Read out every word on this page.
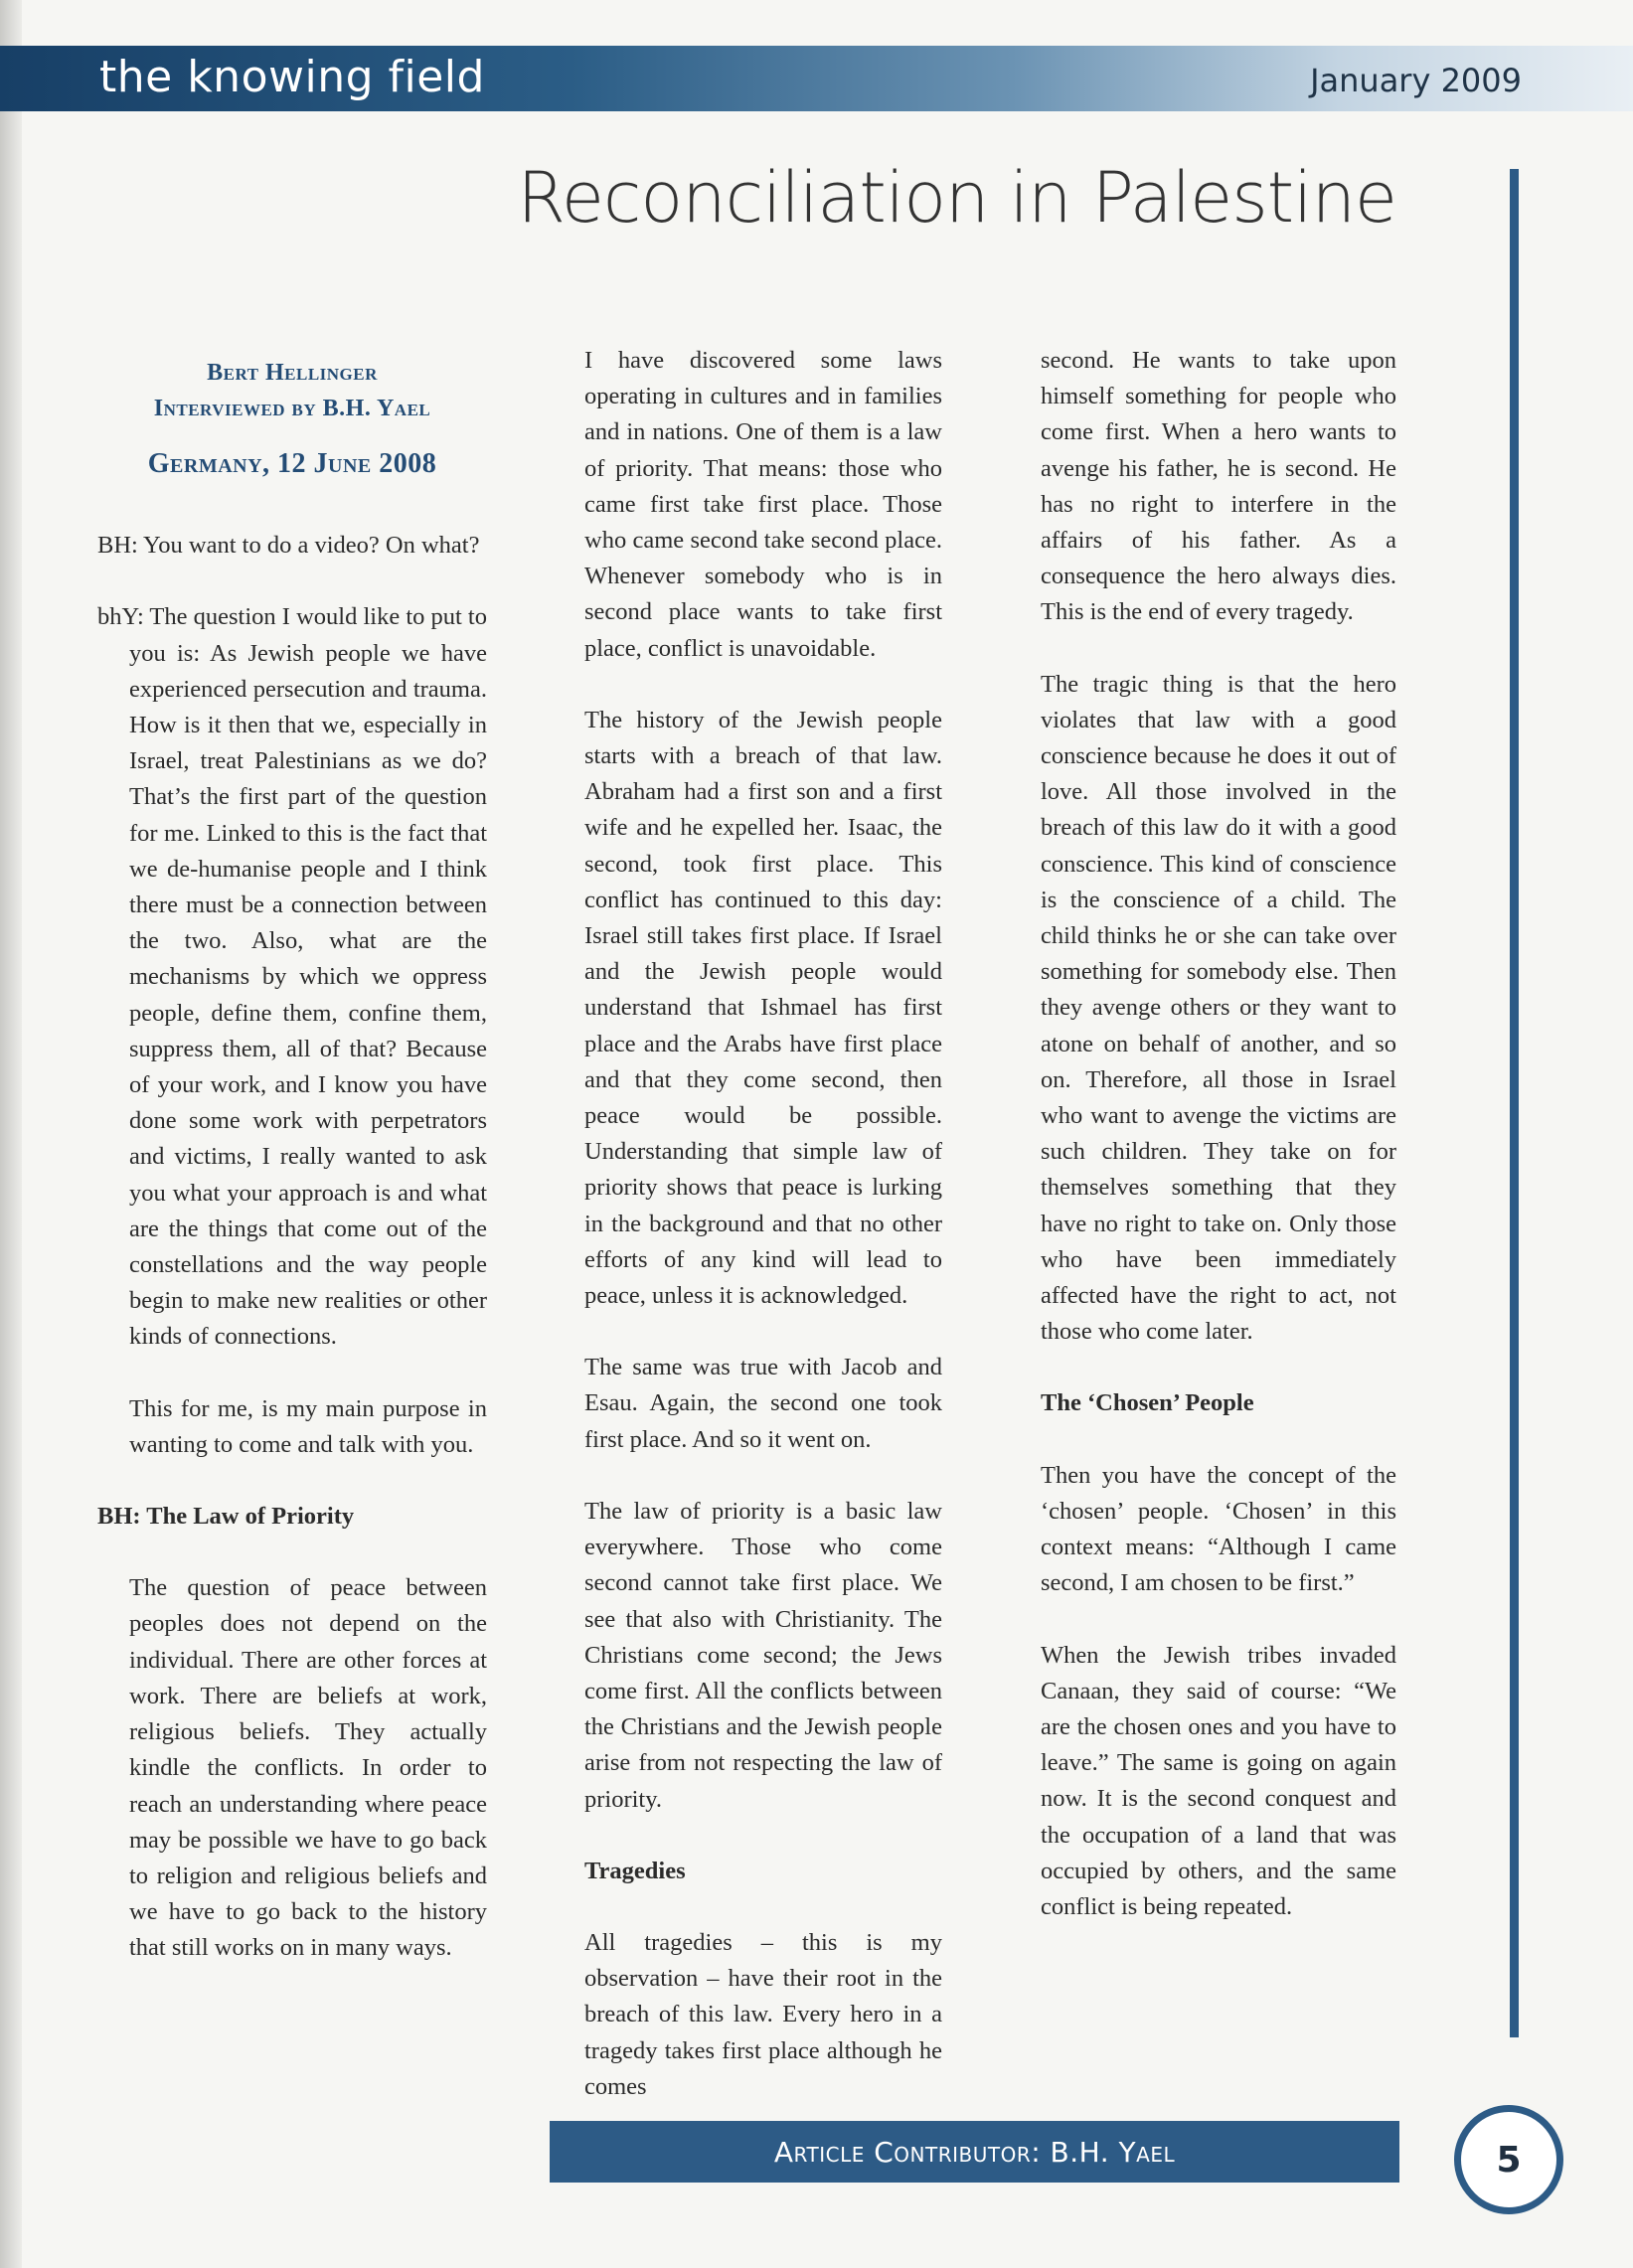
the knowing field	January 2009
Reconciliation in Palestine
Bert Hellinger
Interviewed by B.H. Yael
Germany, 12 June 2008

BH: You want to do a video? On what?

bhY: The question I would like to put to you is: As Jewish people we have experienced persecution and trauma. How is it then that we, especially in Israel, treat Palestinians as we do? That’s the first part of the question for me. Linked to this is the fact that we de-humanise people and I think there must be a connection between the two. Also, what are the mechanisms by which we oppress people, define them, confine them, suppress them, all of that? Because of your work, and I know you have done some work with perpetrators and victims, I really wanted to ask you what your approach is and what are the things that come out of the constellations and the way people begin to make new realities or other kinds of connections.

This for me, is my main purpose in wanting to come and talk with you.

BH: The Law of Priority

The question of peace between peoples does not depend on the individual. There are other forces at work. There are beliefs at work, religious beliefs. They actually kindle the conflicts. In order to reach an understanding where peace may be possible we have to go back to religion and religious beliefs and we have to go back to the history that still works on in many ways.

I have discovered some laws operating in cultures and in families and in nations. One of them is a law of priority. That means: those who came first take first place. Those who came second take second place. Whenever somebody who is in second place wants to take first place, conflict is unavoidable.

The history of the Jewish people starts with a breach of that law. Abraham had a first son and a first wife and he expelled her. Isaac, the second, took first place. This conflict has continued to this day: Israel still takes first place. If Israel and the Jewish people would understand that Ishmael has first place and the Arabs have first place and that they come second, then peace would be possible. Understanding that simple law of priority shows that peace is lurking in the background and that no other efforts of any kind will lead to peace, unless it is acknowledged.

The same was true with Jacob and Esau. Again, the second one took first place. And so it went on.

The law of priority is a basic law everywhere. Those who come second cannot take first place. We see that also with Christianity. The Christians come second; the Jews come first. All the conflicts between the Christians and the Jewish people arise from not respecting the law of priority.

Tragedies

All tragedies – this is my observation – have their root in the breach of this law. Every hero in a tragedy takes first place although he comes

second. He wants to take upon himself something for people who come first. When a hero wants to avenge his father, he is second. He has no right to interfere in the affairs of his father. As a consequence the hero always dies. This is the end of every tragedy.

The tragic thing is that the hero violates that law with a good conscience because he does it out of love. All those involved in the breach of this law do it with a good conscience. This kind of conscience is the conscience of a child. The child thinks he or she can take over something for somebody else. Then they avenge others or they want to atone on behalf of another, and so on. Therefore, all those in Israel who want to avenge the victims are such children. They take on for themselves something that they have no right to take on. Only those who have been immediately affected have the right to act, not those who come later.

The ‘Chosen’ People

Then you have the concept of the ‘chosen’ people. ‘Chosen’ in this context means: “Although I came second, I am chosen to be first.”

When the Jewish tribes invaded Canaan, they said of course: “We are the chosen ones and you have to leave.” The same is going on again now. It is the second conquest and the occupation of a land that was occupied by others, and the same conflict is being repeated.

Article Contributor: B.H. Yael	5
